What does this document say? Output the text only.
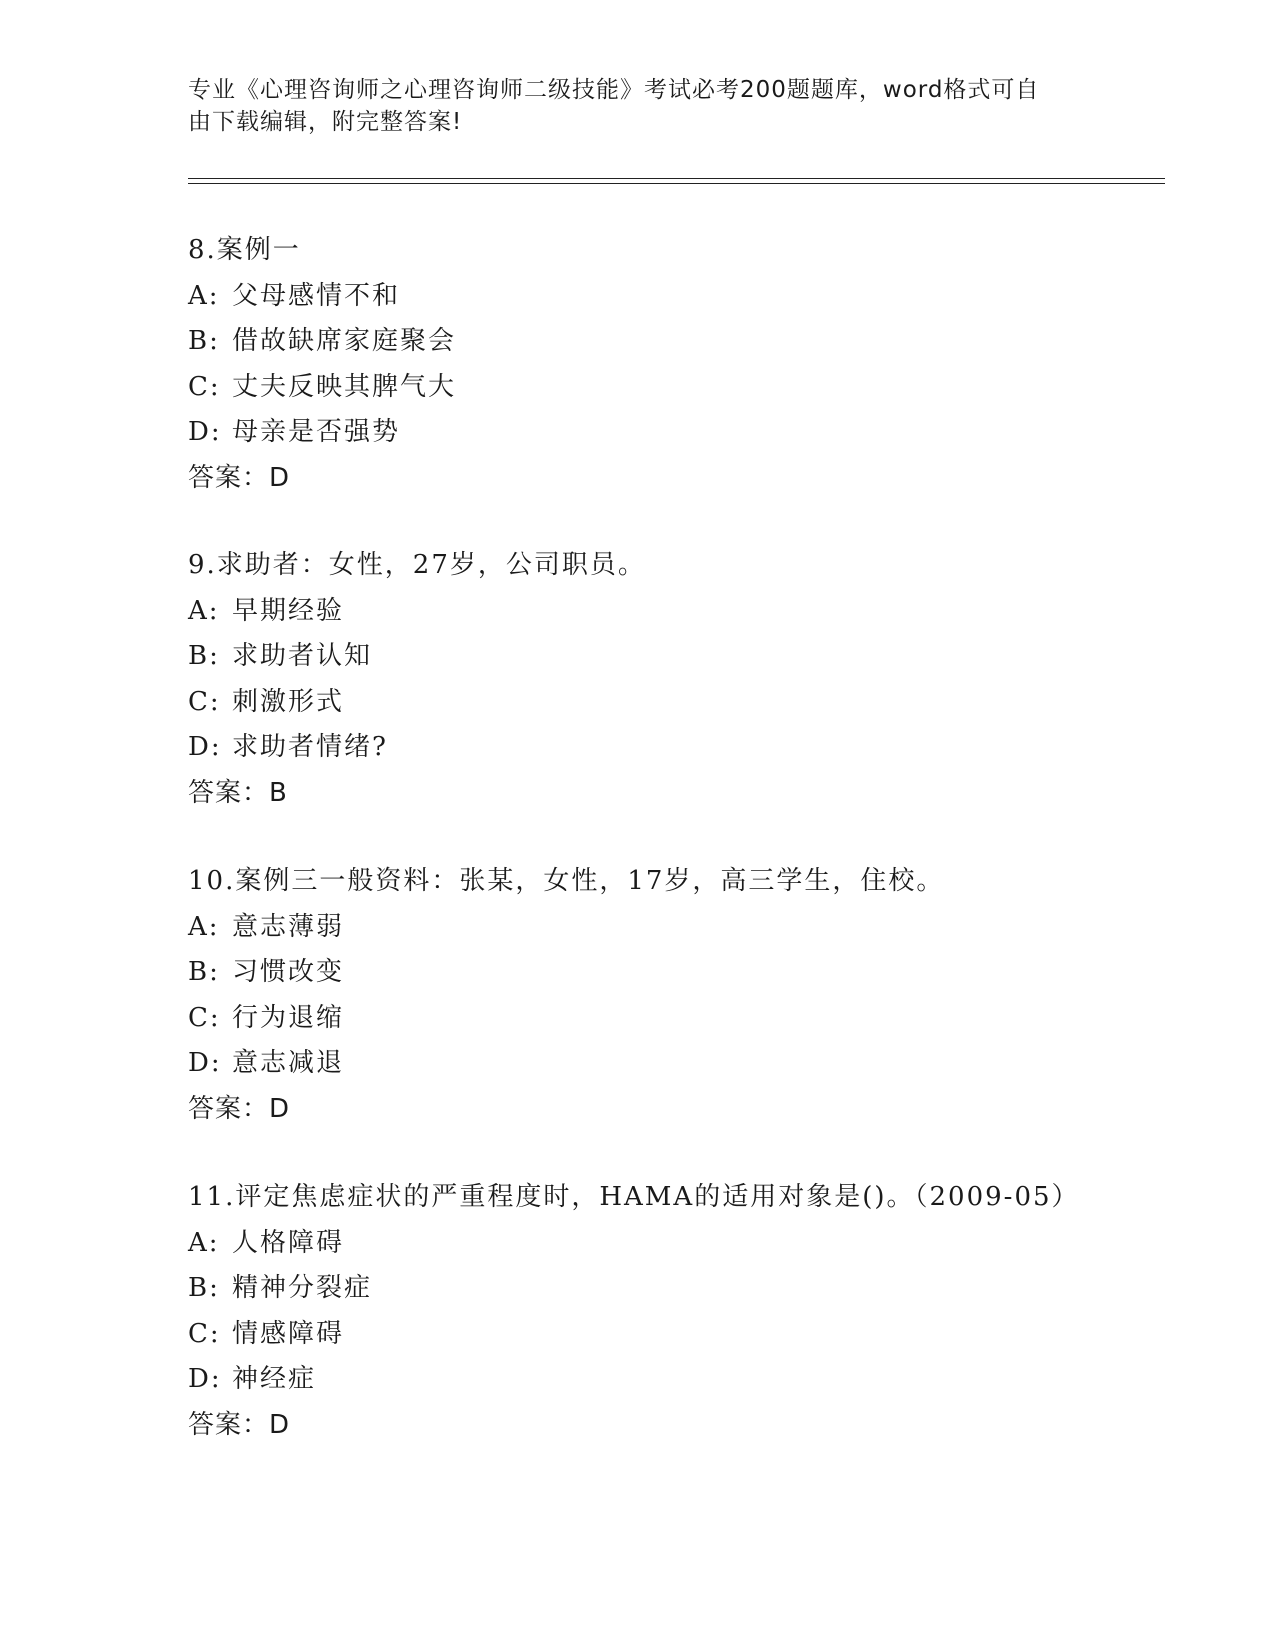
专业《心理咨询师之心理咨询师二级技能》考试必考200题题库，word格式可自
由下载编辑，附完整答案!
8.案例一
A: 父母感情不和
B: 借故缺席家庭聚会
C: 丈夫反映其脾气大
D: 母亲是否强势
答案：D
9.求助者：女性，27岁，公司职员。
A: 早期经验
B: 求助者认知
C: 刺激形式
D: 求助者情绪?
答案：B
10.案例三一般资料：张某，女性，17岁，高三学生，住校。
A: 意志薄弱
B: 习惯改变
C: 行为退缩
D: 意志减退
答案：D
11.评定焦虑症状的严重程度时，HAMA的适用对象是()。（2009-05）
A: 人格障碍
B: 精神分裂症
C: 情感障碍
D: 神经症
答案：D
